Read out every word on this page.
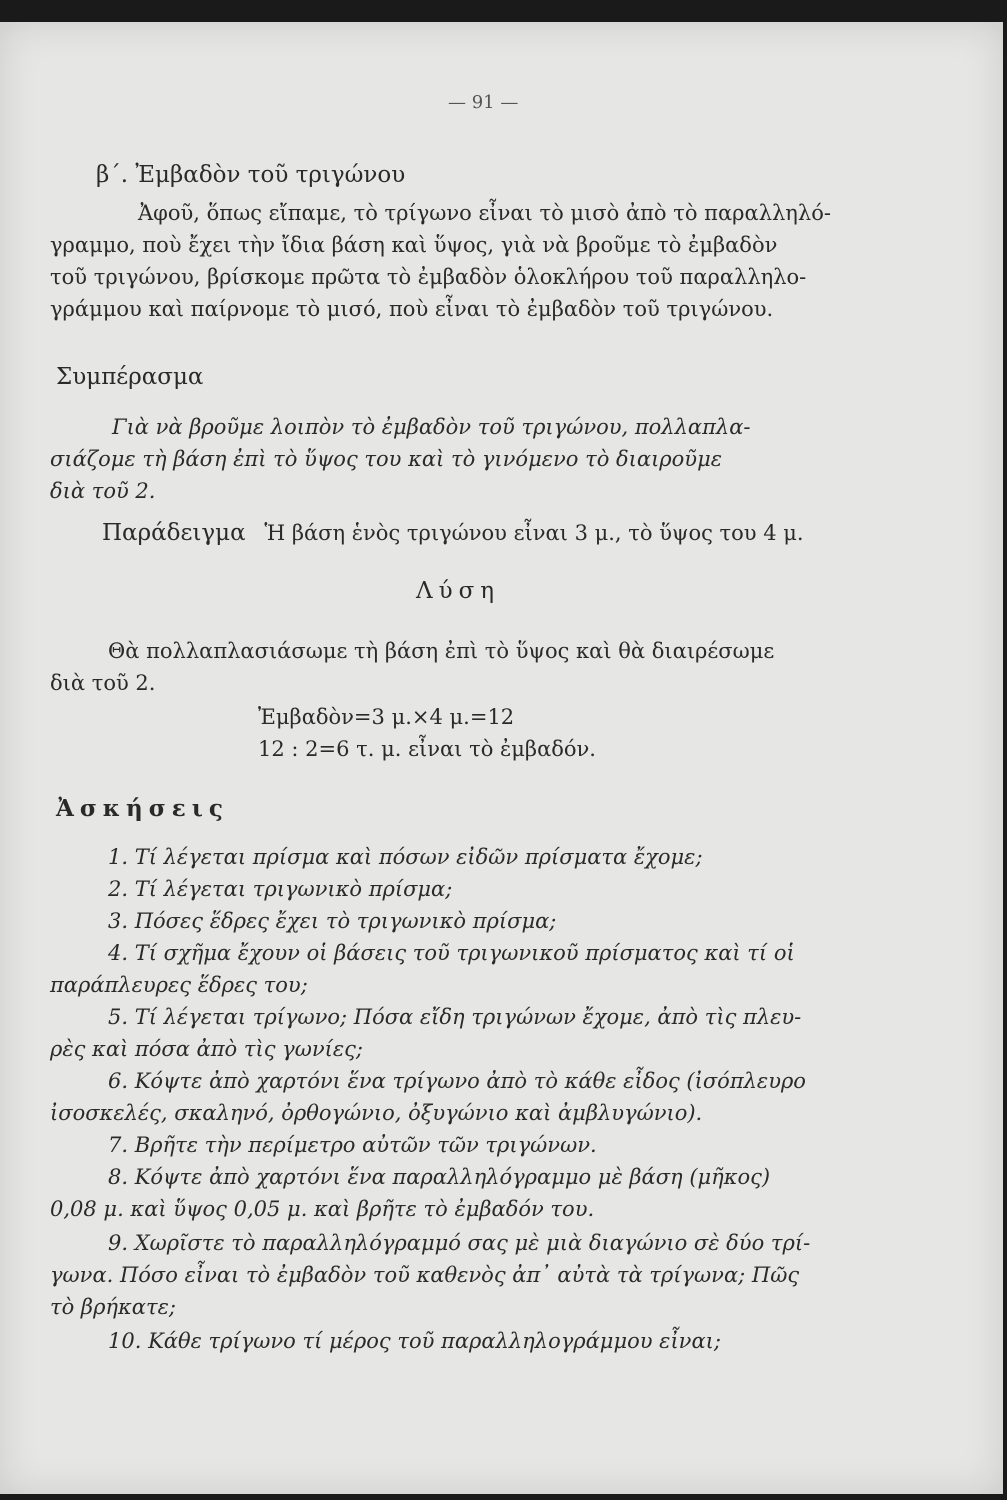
— 91 —
β΄. Ἐμβαδὸν τοῦ τριγώνου
Ἀφοῦ, ὅπως εἴπαμε, τὸ τρίγωνο εἶναι τὸ μισὸ ἀπὸ τὸ παραλληλό-
γραμμο, ποὺ ἔχει τὴν ἴδια βάση καὶ ὕψος, γιὰ νὰ βροῦμε τὸ ἐμβαδὸν
τοῦ τριγώνου, βρίσκομε πρῶτα τὸ ἐμβαδὸν ὁλοκλήρου τοῦ παραλληλο-
γράμμου καὶ παίρνομε τὸ μισό, ποὺ εἶναι τὸ ἐμβαδὸν τοῦ τριγώνου.
Συμπέρασμα
Γιὰ νὰ βροῦμε λοιπὸν τὸ ἐμβαδὸν τοῦ τριγώνου, πολλαπλα-
σιάζομε τὴ βάση ἐπὶ τὸ ὕψος του καὶ τὸ γινόμενο τὸ διαιροῦμε
διὰ τοῦ 2.
Παράδειγμα Ἡ βάση ἑνὸς τριγώνου εἶναι 3 μ., τὸ ὕψος του 4 μ.
Λύση
Θὰ πολλαπλασιάσωμε τὴ βάση ἐπὶ τὸ ὕψος καὶ θὰ διαιρέσωμε
διὰ τοῦ 2.
Ἐμβαδὸν=3 μ.×4 μ.=12
12 : 2=6 τ. μ. εἶναι τὸ ἐμβαδόν.
Ἀσκήσεις
1. Τί λέγεται πρίσμα καὶ πόσων εἰδῶν πρίσματα ἔχομε;
2. Τί λέγεται τριγωνικὸ πρίσμα;
3. Πόσες ἕδρες ἔχει τὸ τριγωνικὸ πρίσμα;
4. Τί σχῆμα ἔχουν οἱ βάσεις τοῦ τριγωνικοῦ πρίσματος καὶ τί οἱ
παράπλευρες ἕδρες του;
5. Τί λέγεται τρίγωνο; Πόσα εἴδη τριγώνων ἔχομε, ἀπὸ τὶς πλευ-
ρὲς καὶ πόσα ἀπὸ τὶς γωνίες;
6. Κόψτε ἀπὸ χαρτόνι ἕνα τρίγωνο ἀπὸ τὸ κάθε εἶδος (ἰσόπλευρο
ἰσοσκελές, σκαληνό, ὀρθογώνιο, ὀξυγώνιο καὶ ἀμβλυγώνιο).
7. Βρῆτε τὴν περίμετρο αὐτῶν τῶν τριγώνων.
8. Κόψτε ἀπὸ χαρτόνι ἕνα παραλληλόγραμμο μὲ βάση (μῆκος)
0,08 μ. καὶ ὕψος 0,05 μ. καὶ βρῆτε τὸ ἐμβαδόν του.
9. Χωρῖστε τὸ παραλληλόγραμμό σας μὲ μιὰ διαγώνιο σὲ δύο τρί-
γωνα. Πόσο εἶναι τὸ ἐμβαδὸν τοῦ καθενὸς ἀπ᾽ αὐτὰ τὰ τρίγωνα; Πῶς
τὸ βρήκατε;
10. Κάθε τρίγωνο τί μέρος τοῦ παραλληλογράμμου εἶναι;
